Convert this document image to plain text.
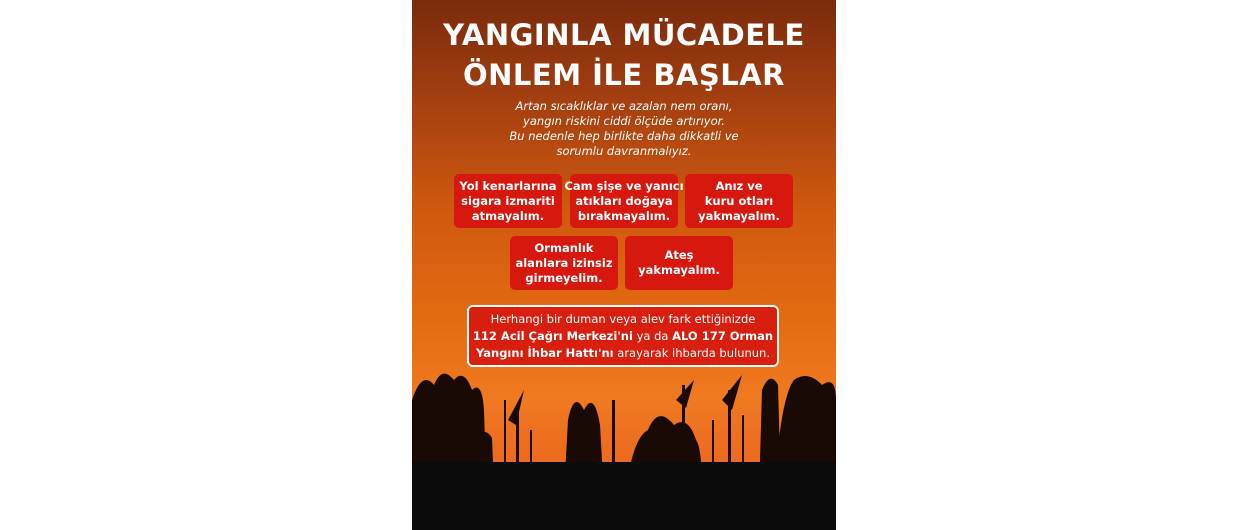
YANGINLA MÜCADELE
ÖNLEM İLE BAŞLAR
Artan sıcaklıklar ve azalan nem oranı,
yangın riskini ciddi ölçüde artırıyor.
Bu nedenle hep birlikte daha dikkatli ve
sorumlu davranmalıyız.
Yol kenarlarına
sigara izmariti
atmayalım.
Cam şişe ve yanıcı
atıkları doğaya
bırakmayalım.
Anız ve
kuru otları
yakmayalım.
Ormanlık
alanlara izinsiz
girmeyelim.
Ateş
yakmayalım.
Herhangi bir duman veya alev fark ettiğinizde
112 Acil Çağrı Merkezi'ni ya da ALO 177 Orman
Yangını İhbar Hattı'nı arayarak ihbarda bulunun.
YETİŞKİN
EFELER BELEDİYE BAŞKANI
T.C.
EFELER
BELEDİYESİ
